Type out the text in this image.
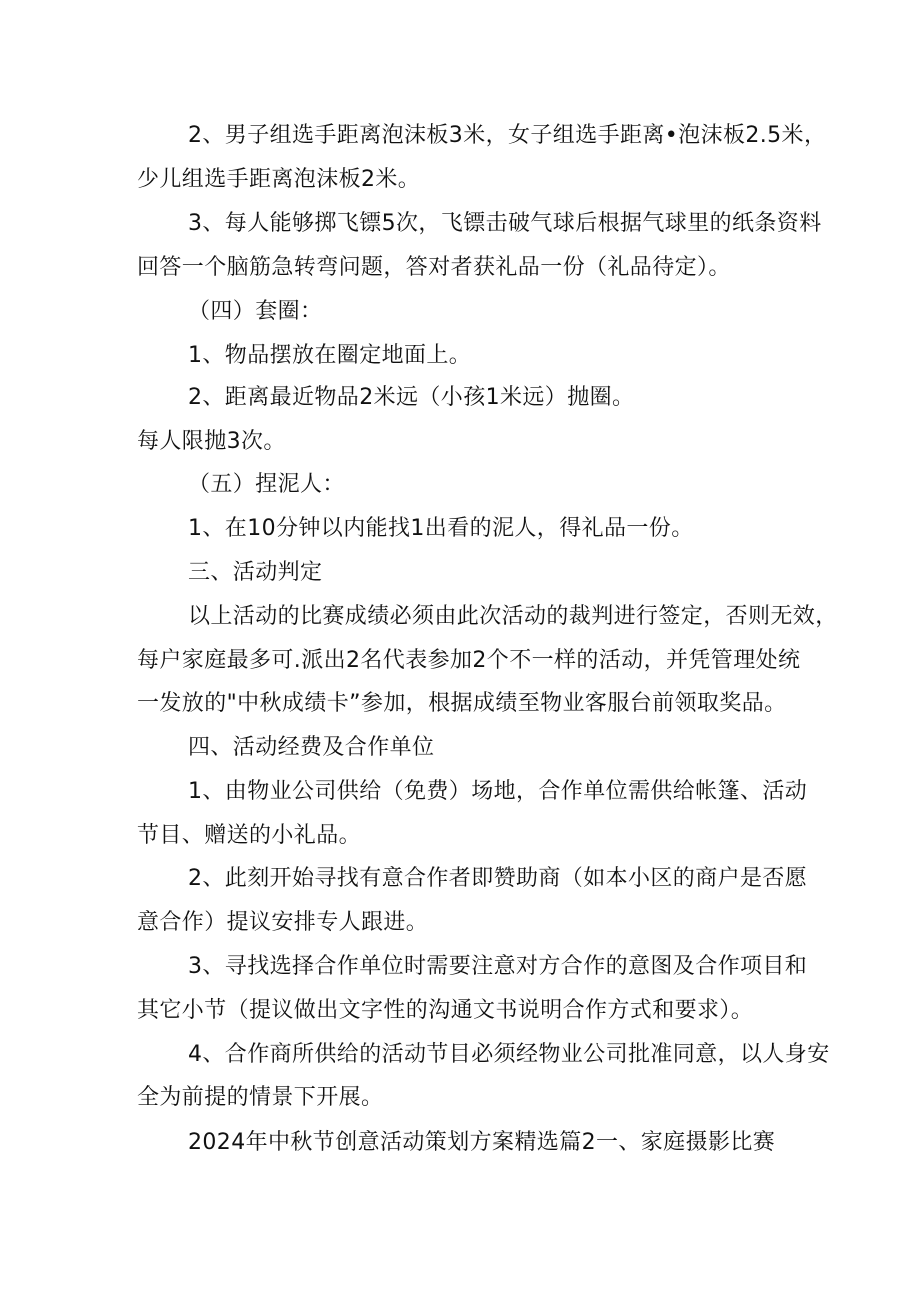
2、男子组选手距离泡沫板3米，女子组选手距离•泡沫板2.5米，
少儿组选手距离泡沫板2米。
3、每人能够掷飞镖5次，飞镖击破气球后根据气球里的纸条资料
回答一个脑筋急转弯问题，答对者获礼品一份（礼品待定）。
（四）套圈：
1、物品摆放在圈定地面上。
2、距离最近物品2米远（小孩1米远）抛圈。
每人限抛3次。
（五）捏泥人：
1、在10分钟以内能找1出看的泥人，得礼品一份。
三、活动判定
以上活动的比赛成绩必须由此次活动的裁判进行签定，否则无效，
每户家庭最多可.派出2名代表参加2个不一样的活动，并凭管理处统
一发放的"中秋成绩卡”参加，根据成绩至物业客服台前领取奖品。
四、活动经费及合作单位
1、由物业公司供给（免费）场地，合作单位需供给帐篷、活动
节目、赠送的小礼品。
2、此刻开始寻找有意合作者即赞助商（如本小区的商户是否愿
意合作）提议安排专人跟进。
3、寻找选择合作单位时需要注意对方合作的意图及合作项目和
其它小节（提议做出文字性的沟通文书说明合作方式和要求）。
4、合作商所供给的活动节目必须经物业公司批准同意，以人身安
全为前提的情景下开展。
2024年中秋节创意活动策划方案精选篇2一、家庭摄影比赛
